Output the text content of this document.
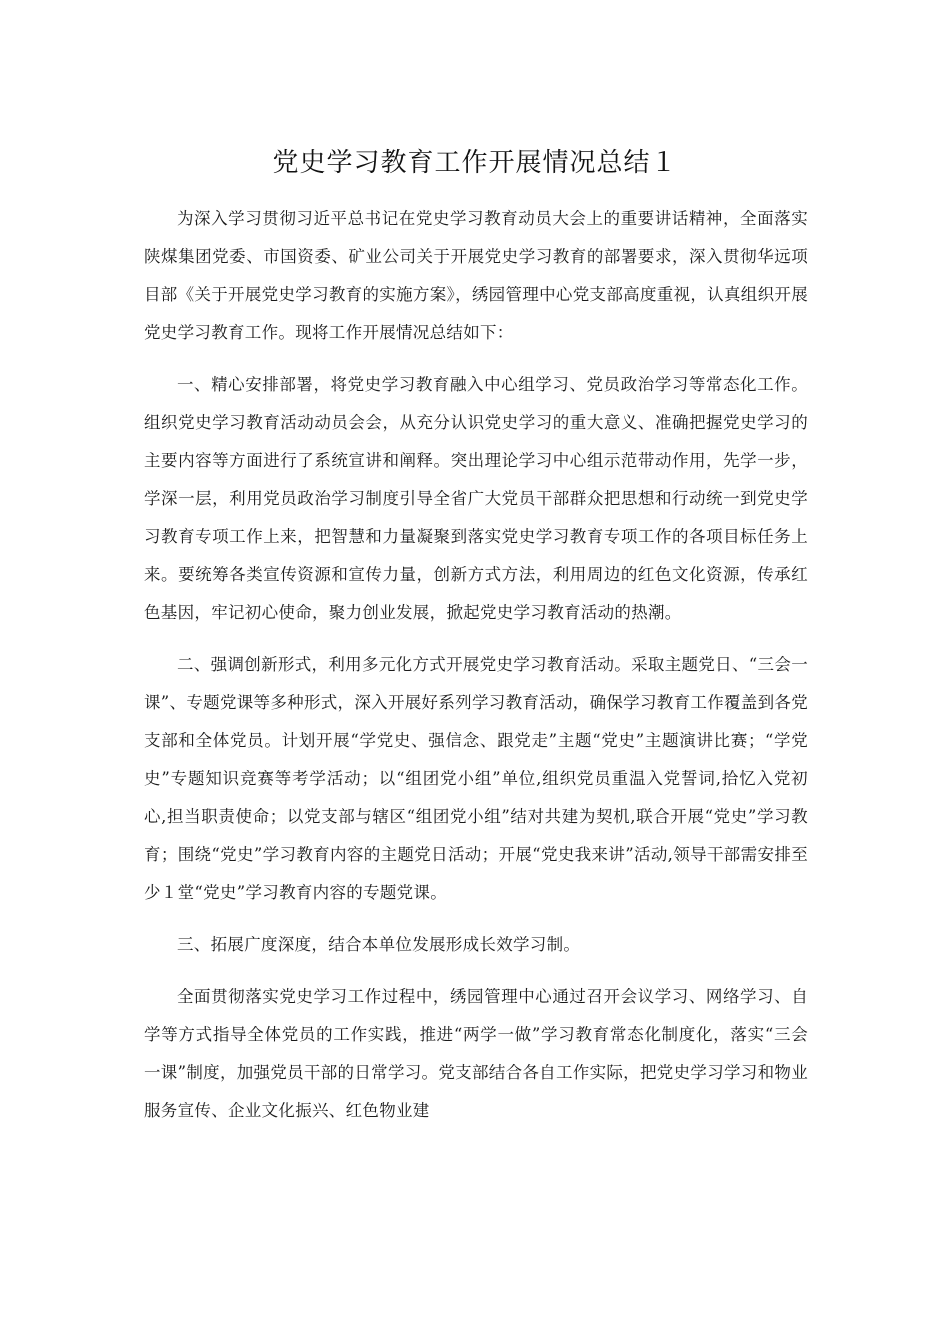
党史学习教育工作开展情况总结１

为深入学习贯彻习近平总书记在党史学习教育动员大会上的重要讲话精神，全面落实陕煤集团党委、市国资委、矿业公司关于开展党史学习教育的部署要求，深入贯彻华远项目部《关于开展党史学习教育的实施方案》，绣园管理中心党支部高度重视，认真组织开展党史学习教育工作。现将工作开展情况总结如下：

一、精心安排部署，将党史学习教育融入中心组学习、党员政治学习等常态化工作。组织党史学习教育活动动员会会，从充分认识党史学习的重大意义、准确把握党史学习的主要内容等方面进行了系统宣讲和阐释。突出理论学习中心组示范带动作用，先学一步，学深一层，利用党员政治学习制度引导全省广大党员干部群众把思想和行动统一到党史学习教育专项工作上来，把智慧和力量凝聚到落实党史学习教育专项工作的各项目标任务上来。要统筹各类宣传资源和宣传力量，创新方式方法，利用周边的红色文化资源，传承红色基因，牢记初心使命，聚力创业发展，掀起党史学习教育活动的热潮。

二、强调创新形式，利用多元化方式开展党史学习教育活动。采取主题党日、“三会一课”、专题党课等多种形式，深入开展好系列学习教育活动，确保学习教育工作覆盖到各党支部和全体党员。计划开展“学党史、强信念、跟党走”主题“党史”主题演讲比赛；“学党史”专题知识竞赛等考学活动；以“组团党小组”单位,组织党员重温入党誓词,拾忆入党初心,担当职责使命；以党支部与辖区“组团党小组”结对共建为契机,联合开展“党史”学习教育；围绕“党史”学习教育内容的主题党日活动；开展“党史我来讲”活动,领导干部需安排至少１堂“党史”学习教育内容的专题党课。

三、拓展广度深度，结合本单位发展形成长效学习制。

全面贯彻落实党史学习工作过程中，绣园管理中心通过召开会议学习、网络学习、自学等方式指导全体党员的工作实践，推进“两学一做”学习教育常态化制度化，落实“三会一课”制度，加强党员干部的日常学习。党支部结合各自工作实际，把党史学习学习和物业服务宣传、企业文化振兴、红色物业建
